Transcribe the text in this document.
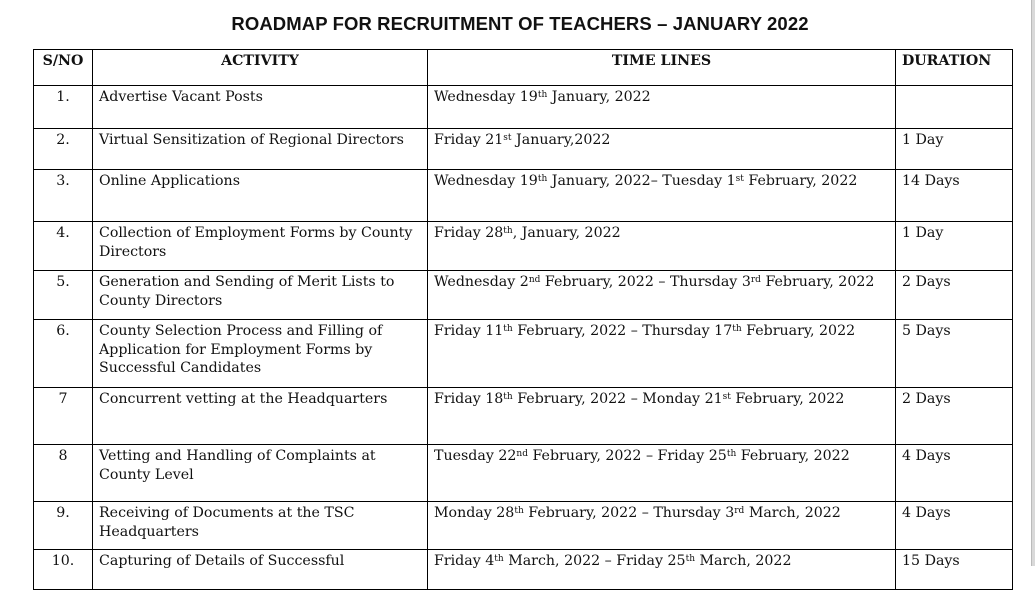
ROADMAP FOR RECRUITMENT OF TEACHERS – JANUARY 2022
S/NO	ACTIVITY	TIME LINES	DURATION
1.	Advertise Vacant Posts	Wednesday 19th January, 2022	
2.	Virtual Sensitization of Regional Directors	Friday 21st January,2022	1 Day
3.	Online Applications	Wednesday 19th January, 2022– Tuesday 1st February, 2022	14 Days
4.	Collection of Employment Forms by County Directors	Friday 28th, January, 2022	1 Day
5.	Generation and Sending of Merit Lists to County Directors	Wednesday 2nd February, 2022 – Thursday 3rd February, 2022	2 Days
6.	County Selection Process and Filling of Application for Employment Forms by Successful Candidates	Friday 11th February, 2022 – Thursday 17th February, 2022	5 Days
7	Concurrent vetting at the Headquarters	Friday 18th February, 2022 – Monday 21st February, 2022	2 Days
8	Vetting and Handling of Complaints at County Level	Tuesday 22nd February, 2022 – Friday 25th February, 2022	4 Days
9.	Receiving of Documents at the TSC Headquarters	Monday 28th February, 2022 – Thursday 3rd March, 2022	4 Days
10.	Capturing of Details of Successful	Friday 4th March, 2022 – Friday 25th March, 2022	15 Days
